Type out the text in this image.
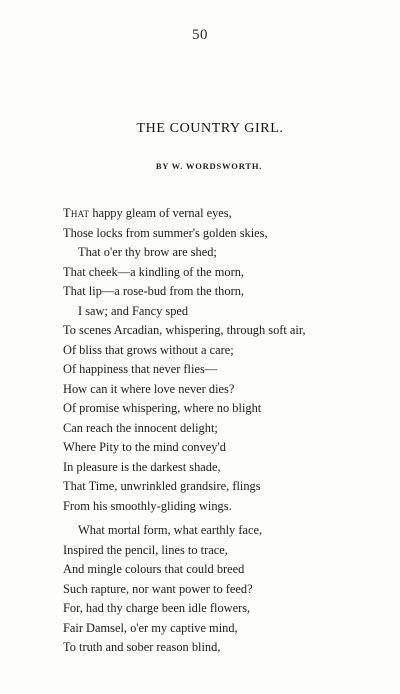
50
THE COUNTRY GIRL.
BY W. WORDSWORTH.
That happy gleam of vernal eyes,
Those locks from summer's golden skies,
That o'er thy brow are shed;
That cheek—a kindling of the morn,
That lip—a rose-bud from the thorn,
I saw; and Fancy sped
To scenes Arcadian, whispering, through soft air,
Of bliss that grows without a care;
Of happiness that never flies—
How can it where love never dies?
Of promise whispering, where no blight
Can reach the innocent delight;
Where Pity to the mind convey'd
In pleasure is the darkest shade,
That Time, unwrinkled grandsire, flings
From his smoothly-gliding wings.
What mortal form, what earthly face,
Inspired the pencil, lines to trace,
And mingle colours that could breed
Such rapture, nor want power to feed?
For, had thy charge been idle flowers,
Fair Damsel, o'er my captive mind,
To truth and sober reason blind,
